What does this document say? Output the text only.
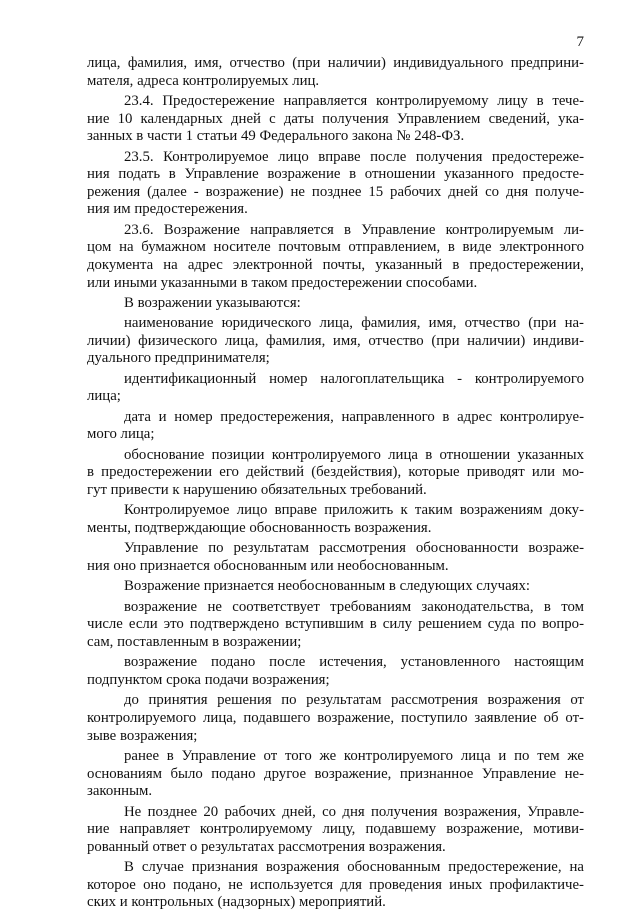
7

лица, фамилия, имя, отчество (при наличии) индивидуального предприни-
мателя, адреса контролируемых лиц.

23.4. Предостережение направляется контролируемому лицу в тече-
ние 10 календарных дней с даты получения Управлением сведений, ука-
занных в части 1 статьи 49 Федерального закона № 248-ФЗ.

23.5. Контролируемое лицо вправе после получения предостереже-
ния подать в Управление возражение в отношении указанного предосте-
режения (далее - возражение) не позднее 15 рабочих дней со дня получе-
ния им предостережения.

23.6. Возражение направляется в Управление контролируемым ли-
цом на бумажном носителе почтовым отправлением, в виде электронного
документа на адрес электронной почты, указанный в предостережении,
или иными указанными в таком предостережении способами.

В возражении указываются:

наименование юридического лица, фамилия, имя, отчество (при на-
личии) физического лица, фамилия, имя, отчество (при наличии) индиви-
дуального предпринимателя;

идентификационный номер налогоплательщика - контролируемого
лица;

дата и номер предостережения, направленного в адрес контролируе-
мого лица;

обоснование позиции контролируемого лица в отношении указанных
в предостережении его действий (бездействия), которые приводят или мо-
гут привести к нарушению обязательных требований.

Контролируемое лицо вправе приложить к таким возражениям доку-
менты, подтверждающие обоснованность возражения.

Управление по результатам рассмотрения обоснованности возраже-
ния оно признается обоснованным или необоснованным.

Возражение признается необоснованным в следующих случаях:

возражение не соответствует требованиям законодательства, в том
числе если это подтверждено вступившим в силу решением суда по вопро-
сам, поставленным в возражении;

возражение подано после истечения, установленного настоящим
подпунктом срока подачи возражения;

до принятия решения по результатам рассмотрения возражения от
контролируемого лица, подавшего возражение, поступило заявление об от-
зыве возражения;

ранее в Управление от того же контролируемого лица и по тем же
основаниям было подано другое возражение, признанное Управление не-
законным.

Не позднее 20 рабочих дней, со дня получения возражения, Управле-
ние направляет контролируемому лицу, подавшему возражение, мотиви-
рованный ответ о результатах рассмотрения возражения.

В случае признания возражения обоснованным предостережение, на
которое оно подано, не используется для проведения иных профилактиче-
ских и контрольных (надзорных) мероприятий.
